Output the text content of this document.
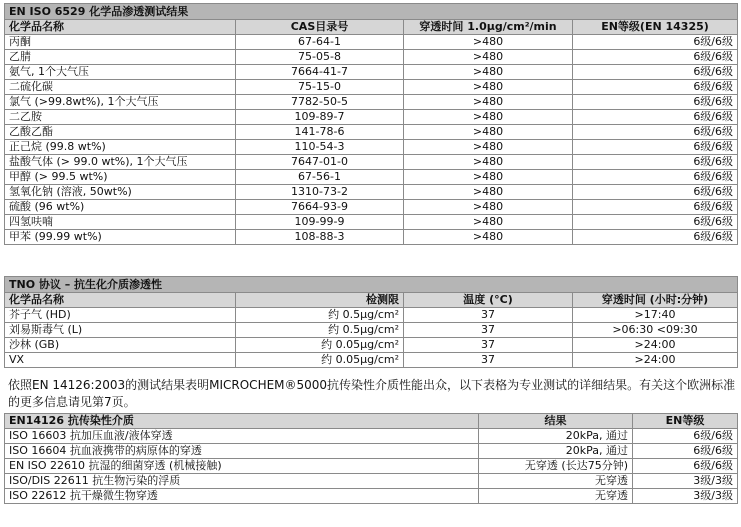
EN ISO 6529 化学品渗透测试结果			
化学品名称	CAS目录号	穿透时间 1.0μg/cm²/min	EN等级(EN 14325)
丙酮	67-64-1	>480	6级/6级
乙腈	75-05-8	>480	6级/6级
氨气, 1个大气压	7664-41-7	>480	6级/6级
二硫化碳	75-15-0	>480	6级/6级
氯气 (>99.8wt%), 1个大气压	7782-50-5	>480	6级/6级
二乙胺	109-89-7	>480	6级/6级
乙酸乙酯	141-78-6	>480	6级/6级
正己烷 (99.8 wt%)	110-54-3	>480	6级/6级
盐酸气体 (> 99.0 wt%), 1个大气压	7647-01-0	>480	6级/6级
甲醇 (> 99.5 wt%)	67-56-1	>480	6级/6级
氢氧化钠 (溶液, 50wt%)	1310-73-2	>480	6级/6级
硫酸 (96 wt%)	7664-93-9	>480	6级/6级
四氢呋喃	109-99-9	>480	6级/6级
甲苯 (99.99 wt%)	108-88-3	>480	6级/6级
TNO 协议 – 抗生化介质渗透性			
化学品名称	检测限	温度 (°C)	穿透时间 (小时:分钟)
芥子气 (HD)	约 0.5μg/cm²	37	>17:40
刘易斯毒气 (L)	约 0.5μg/cm²	37	>06:30 <09:30
沙林 (GB)	约 0.05μg/cm²	37	>24:00
VX	约 0.05μg/cm²	37	>24:00
依照EN 14126:2003的测试结果表明MICROCHEM®5000抗传染性介质性能出众，以下表格为专业测试的详细结果。有关这个欧洲标准的更多信息请见第7页。
EN14126 抗传染性介质	结果	EN等级
ISO 16603 抗加压血液/液体穿透	20kPa, 通过	6级/6级
ISO 16604 抗血液携带的病原体的穿透	20kPa, 通过	6级/6级
EN ISO 22610 抗湿的细菌穿透 (机械接触)	无穿透 (长达75分钟)	6级/6级
ISO/DIS 22611 抗生物污染的浮质	无穿透	3级/3级
ISO 22612 抗干燥微生物穿透	无穿透	3级/3级
